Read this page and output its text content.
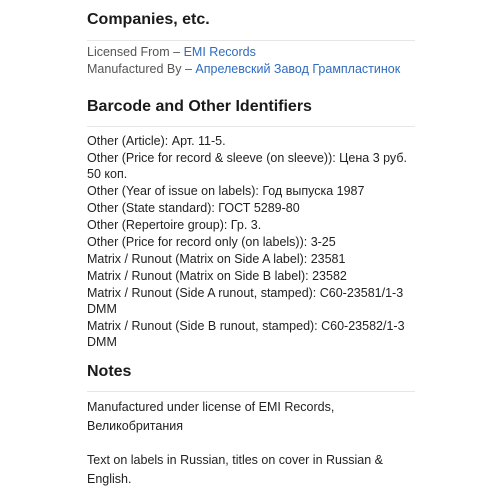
Companies, etc.
Licensed From – EMI Records
Manufactured By – Апрелевский Завод Грампластинок
Barcode and Other Identifiers
Other (Article): Арт. 11-5.
Other (Price for record & sleeve (on sleeve)): Цена 3 руб. 50 коп.
Other (Year of issue on labels): Год выпуска 1987
Other (State standard): ГОСТ 5289-80
Other (Repertoire group): Гр. 3.
Other (Price for record only (on labels)): 3-25
Matrix / Runout (Matrix on Side A label): 23581
Matrix / Runout (Matrix on Side B label): 23582
Matrix / Runout (Side A runout, stamped): С60-23581/1-3 DMM
Matrix / Runout (Side B runout, stamped): С60-23582/1-3 DMM
Notes

Manufactured under license of EMI Records, Великобритания

Text on labels in Russian, titles on cover in Russian & English.
